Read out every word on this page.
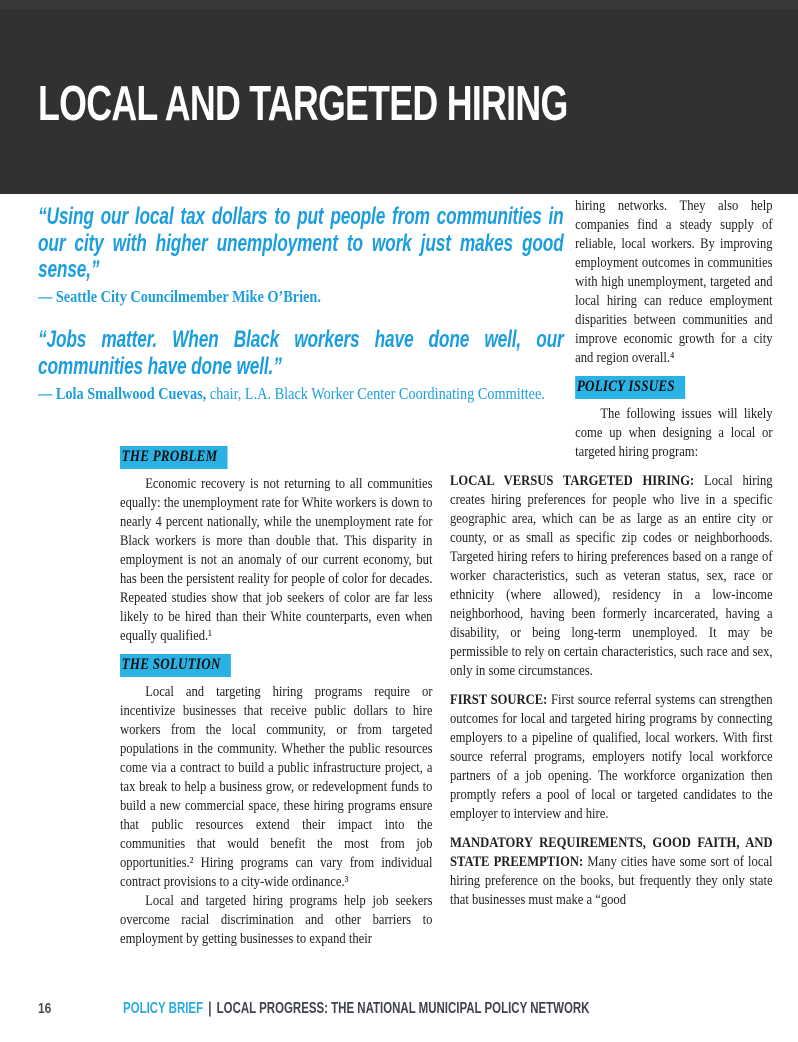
LOCAL AND TARGETED HIRING

“Using our local tax dollars to put people from communities in our city with higher unemployment to work just makes good sense,”

— Seattle City Councilmember Mike O’Brien.

“Jobs matter. When Black workers have done well, our communities have done well.”

— Lola Smallwood Cuevas, chair, L.A. Black Worker Center Coordinating Committee.

THE PROBLEM

Economic recovery is not returning to all communities equally: the unemployment rate for White workers is down to nearly 4 percent nationally, while the unemployment rate for Black workers is more than double that. This disparity in employment is not an anomaly of our current economy, but has been the persistent reality for people of color for decades. Repeated studies show that job seekers of color are far less likely to be hired than their White counterparts, even when equally qualified.¹

THE SOLUTION

Local and targeting hiring programs require or incentivize businesses that receive public dollars to hire workers from the local community, or from targeted populations in the community. Whether the public resources come via a contract to build a public infrastructure project, a tax break to help a business grow, or redevelopment funds to build a new commercial space, these hiring programs ensure that public resources extend their impact into the communities that would benefit the most from job opportunities.² Hiring programs can vary from individual contract provisions to a city-wide ordinance.³

Local and targeted hiring programs help job seekers overcome racial discrimination and other barriers to employment by getting businesses to expand their

hiring networks. They also help companies find a steady supply of reliable, local workers. By improving employment outcomes in communities with high unemployment, targeted and local hiring can reduce employment disparities between communities and improve economic growth for a city and region overall.⁴

POLICY ISSUES

The following issues will likely come up when designing a local or targeted hiring program:

LOCAL VERSUS TARGETED HIRING: Local hiring creates hiring preferences for people who live in a specific geographic area, which can be as large as an entire city or county, or as small as specific zip codes or neighborhoods. Targeted hiring refers to hiring preferences based on a range of worker characteristics, such as veteran status, sex, race or ethnicity (where allowed), residency in a low-income neighborhood, having been formerly incarcerated, having a disability, or being long-term unemployed. It may be permissible to rely on certain characteristics, such race and sex, only in some circumstances.

FIRST SOURCE: First source referral systems can strengthen outcomes for local and targeted hiring programs by connecting employers to a pipeline of qualified, local workers. With first source referral programs, employers notify local workforce partners of a job opening. The workforce organization then promptly refers a pool of local or targeted candidates to the employer to interview and hire.

MANDATORY REQUIREMENTS, GOOD FAITH, AND STATE PREEMPTION: Many cities have some sort of local hiring preference on the books, but frequently they only state that businesses must make a “good

16	POLICY BRIEF | LOCAL PROGRESS: THE NATIONAL MUNICIPAL POLICY NETWORK
